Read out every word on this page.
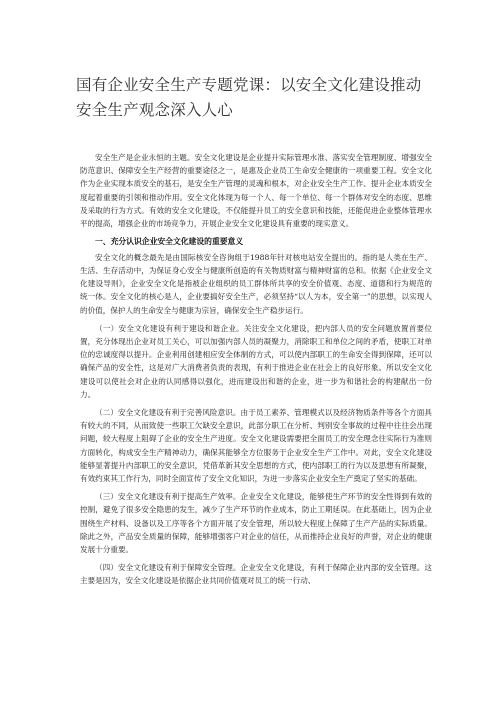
国有企业安全生产专题党课：以安全文化建设推动安全生产观念深入人心

安全生产是企业永恒的主题。安全文化建设是企业提升实际管理水准、落实安全管理制度、增强安全防范意识、保障安全生产经营的重要途径之一，是惠及企业员工生命安全健康的一项重要工程。安全文化作为企业实现本质安全的基石，是安全生产管理的灵魂和根本，对企业安全生产工作、提升企业本质安全度起着重要的引领和推动作用。安全文化体现为每一个人、每一个单位、每一个群体对安全的态度、思维及采取的行为方式。有效的安全文化建设，不仅能提升员工的安全意识和技能，还能促进企业整体管理水平的提高，增强企业的市场竞争力，开展企业安全文化建设具有重要的现实意义。

一、充分认识企业安全文化建设的重要意义

安全文化的概念最先是由国际核安全咨询组于1988年针对核电站安全提出的。指的是人类在生产、生活、生存活动中，为保证身心安全与健康所创造的有关物质财富与精神财富的总和。依据《企业安全文化建设导则》，企业安全文化是指被企业组织的员工群体所共享的安全价值观、态度、道德和行为规范的统一体。安全文化的核心是人，企业要搞好安全生产，必须坚持“以人为本，安全第一”的思想，以实现人的价值，保护人的生命安全与健康为宗旨，确保安全生产稳步运行。

（一）安全文化建设有利于建设和谐企业。关注安全文化建设，把内部人员的安全问题放置首要位置，充分体现出企业对员工关心，可以加强内部人员的凝聚力，消除职工和单位之间的矛盾，使职工对单位的忠诚度得以提升。企业利用创建相应安全体制的方式，可以使内部职工的生命安全得到保障，还可以确保产品的安全性，这是对广大消费者负责的表现，有利于推进企业在社会上的良好形象。所以安全文化建设可以使社会对企业的认同感得以强化，进而建设出和谐的企业，进一步为和谐社会的构建献出一份力。

（二）安全文化建设有利于完善风险意识。由于员工素养、管理模式以及经济物质条件等各个方面具有较大的不同，从而致使一些职工欠缺安全意识，此部分职工在分析、判别安全事故的过程中往往会出现问题，较大程度上阻碍了企业的安全生产进度。安全文化建设需要把全面员工的安全理念往实际行为准则方面转化，构成安全生产精神动力，确保其能够全方位服务于企业安全生产工作中。对此，安全文化建设能够显著提升内部职工的安全意识，凭借革新其安全思想的方式，使内部职工的行为以及思想有所凝聚，有效约束其工作行为，同时全面宣传了安全文化知识，为进一步落实企业安全生产奠定了坚实的基础。

（三）安全文化建设有利于提高生产效率。企业安全文化建设，能够使生产环节的安全性得到有效的控制，避免了很多安全隐患的发生，减少了生产环节的作业成本，防止工期延误。在此基础上，因为企业围绕生产材料、设备以及工序等各个方面开展了安全管理，所以较大程度上保障了生产产品的实际质量。除此之外，产品安全质量的保障，能够增强客户对企业的信任，从而推持企业良好的声誉，对企业的健康发展十分重要。

（四）安全文化建设有利于保障安全管理。企业安全文化建设，有利于保障企业内部的安全管理。这主要是因为，安全文化建设是依据企业共同价值观对员工的统一行动、
